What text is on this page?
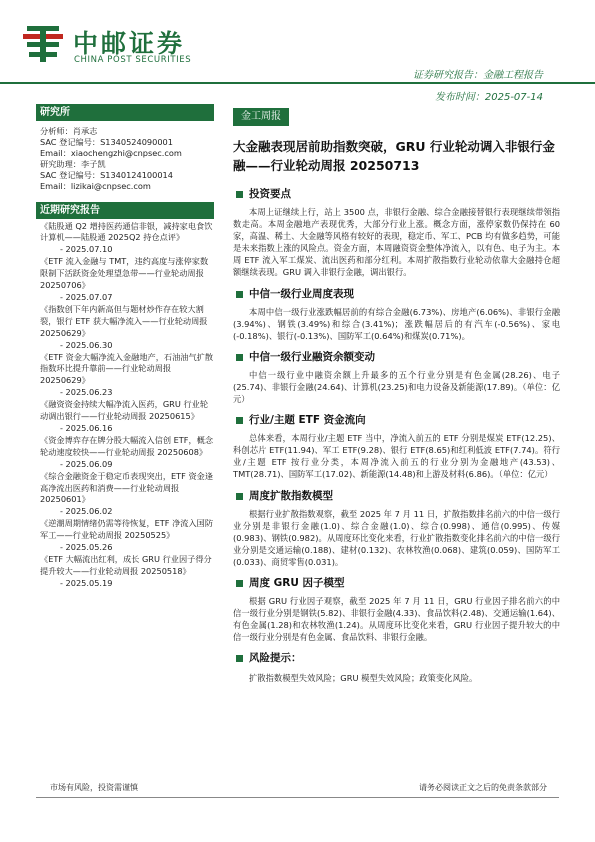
中邮证券
CHINA POST SECURITIES
证券研究报告：金融工程报告
发布时间：2025-07-14
研究所
分析师：肖承志
SAC 登记编号：S1340524090001
Email：xiaochengzhi@cnpsec.com
研究助理：李子凯
SAC 登记编号：S1340124100014
Email：lizikai@cnpsec.com
近期研究报告
《陆股通 Q2 增持医药通信非银，减持家电食饮计算机——陆股通 2025Q2 持仓点评》
- 2025.07.10
《ETF 流入金融与 TMT，违约高度与涨停家数限制下活跃资金处理望急带——行业轮动周报 20250706》
- 2025.07.07
《指数创下年内新高但与题材炒作存在较大割裂，银行 ETF 获大幅净流入——行业轮动周报 20250629》
- 2025.06.30
《ETF 资金大幅净流入金融地产，石油油气扩散指数环比提升靠前——行业轮动周报 20250629》
- 2025.06.23
《融资资金持续大幅净流入医药，GRU 行业轮动调出银行——行业轮动周报 20250615》
- 2025.06.16
《资金博弈存在牌分股大幅流入信创 ETF，概念轮动速度较快——行业轮动周报 20250608》
- 2025.06.09
《综合金融资金于稳定币表现突出，ETF 资金逢高净流出医药和消费——行业轮动周报 20250601》
- 2025.06.02
《逆潮周期情绪仍需等待恢复，ETF 净流入国防军工——行业轮动周报 20250525》
- 2025.05.26
《ETF 大幅流出红利，成长 GRU 行业因子得分提升较大——行业轮动周报 20250518》
- 2025.05.19
金工周报
大金融表现居前助指数突破，GRU 行业轮动调入非银行金融——行业轮动周报 20250713
投资要点
本周上证继续上行，站上 3500 点，非银行金融、综合金融接替银行表现继续带领指数走高。本周金融地产表现优秀，大部分行业上涨。概念方面，涨停家数仍保持在 60 家，高温、稀土、大金融等风格有较好的表现，稳定币、军工、PCB 均有做多趋势，可能是未来指数上涨的风险点。资金方面，本周融资资金整体净流入，以有色、电子为主。本周 ETF 流入军工煤炭、流出医药和部分红利。本周扩散指数行业轮动依靠大金融持仓超额继续表现。GRU 调入非银行金融，调出银行。
中信一级行业周度表现
本周中信一级行业涨跌幅居前的有综合金融(6.73%)、房地产(6.06%)、非银行金融(3.94%)、钢铁(3.49%)和综合(3.41%)；涨跌幅居后的有汽车(-0.56%)、家电(-0.18%)、银行(-0.13%)、国防军工(0.64%)和煤炭(0.71%)。
中信一级行业融资余额变动
中信一级行业中融资余额上升最多的五个行业分别是有色金属(28.26)、电子(25.74)、非银行金融(24.64)、计算机(23.25)和电力设备及新能源(17.89)。（单位：亿元）
行业/主题 ETF 资金流向
总体来看，本周行业/主题 ETF 当中，净流入前五的 ETF 分别是煤炭 ETF(12.25)、科创芯片 ETF(11.94)、军工 ETF(9.28)、银行 ETF(8.65)和红利低波 ETF(7.74)。符行业/主题 ETF 按行业分类，本周净流入前五的行业分别为金融地产(43.53)、TMT(28.71)、国防军工(17.02)、新能源(14.48)和上游及材料(6.86)。（单位：亿元）
周度扩散指数模型
根据行业扩散指数观察，截至 2025 年 7 月 11 日，扩散指数排名前六的中信一级行业分别是非银行金融(1.0)、综合金融(1.0)、综合(0.998)、通信(0.995)、传媒(0.983)、钢铁(0.982)。从周度环比变化来看，行业扩散指数变化排名前六的中信一级行业分别是交通运输(0.188)、建材(0.132)、农林牧渔(0.068)、建筑(0.059)、国防军工(0.033)、商贸零售(0.031)。
周度 GRU 因子模型
根据 GRU 行业因子观察，截至 2025 年 7 月 11 日，GRU 行业因子排名前六的中信一级行业分别是钢铁(5.82)、非银行金融(4.33)、食品饮料(2.48)、交通运输(1.64)、有色金属(1.28)和农林牧渔(1.24)。从周度环比变化来看，GRU 行业因子提升较大的中信一级行业分别是有色金属、食品饮料、非银行金融。
风险提示：
扩散指数模型失效风险；GRU 模型失效风险；政策变化风险。
市场有风险，投资需谨慎	请务必阅读正文之后的免责条款部分
